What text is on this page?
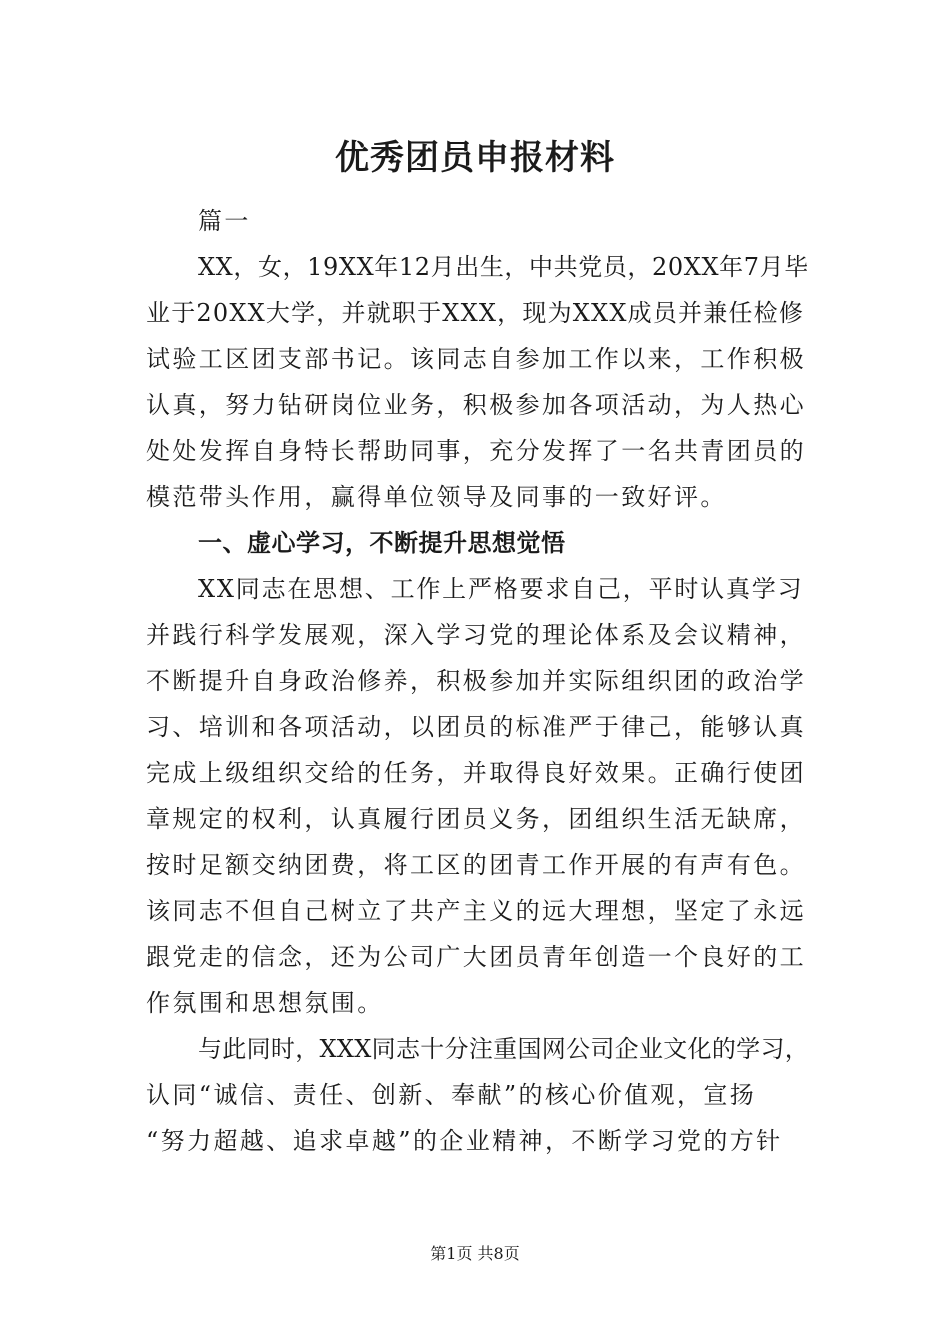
优秀团员申报材料
篇一
XX，女，19XX年12月出生，中共党员，20XX年7月毕
业于20XX大学，并就职于XXX，现为XXX成员并兼任检修
试验工区团支部书记。该同志自参加工作以来，工作积极
认真，努力钻研岗位业务，积极参加各项活动，为人热心
处处发挥自身特长帮助同事，充分发挥了一名共青团员的
模范带头作用，赢得单位领导及同事的一致好评。
一、虚心学习，不断提升思想觉悟
XX同志在思想、工作上严格要求自己，平时认真学习
并践行科学发展观，深入学习党的理论体系及会议精神，
不断提升自身政治修养，积极参加并实际组织团的政治学
习、培训和各项活动，以团员的标准严于律己，能够认真
完成上级组织交给的任务，并取得良好效果。正确行使团
章规定的权利，认真履行团员义务，团组织生活无缺席，
按时足额交纳团费，将工区的团青工作开展的有声有色。
该同志不但自己树立了共产主义的远大理想，坚定了永远
跟党走的信念，还为公司广大团员青年创造一个良好的工
作氛围和思想氛围。
与此同时，XXX同志十分注重国网公司企业文化的学习，
认同“诚信、责任、创新、奉献”的核心价值观，宣扬
“努力超越、追求卓越”的企业精神，不断学习党的方针
第1页 共8页
